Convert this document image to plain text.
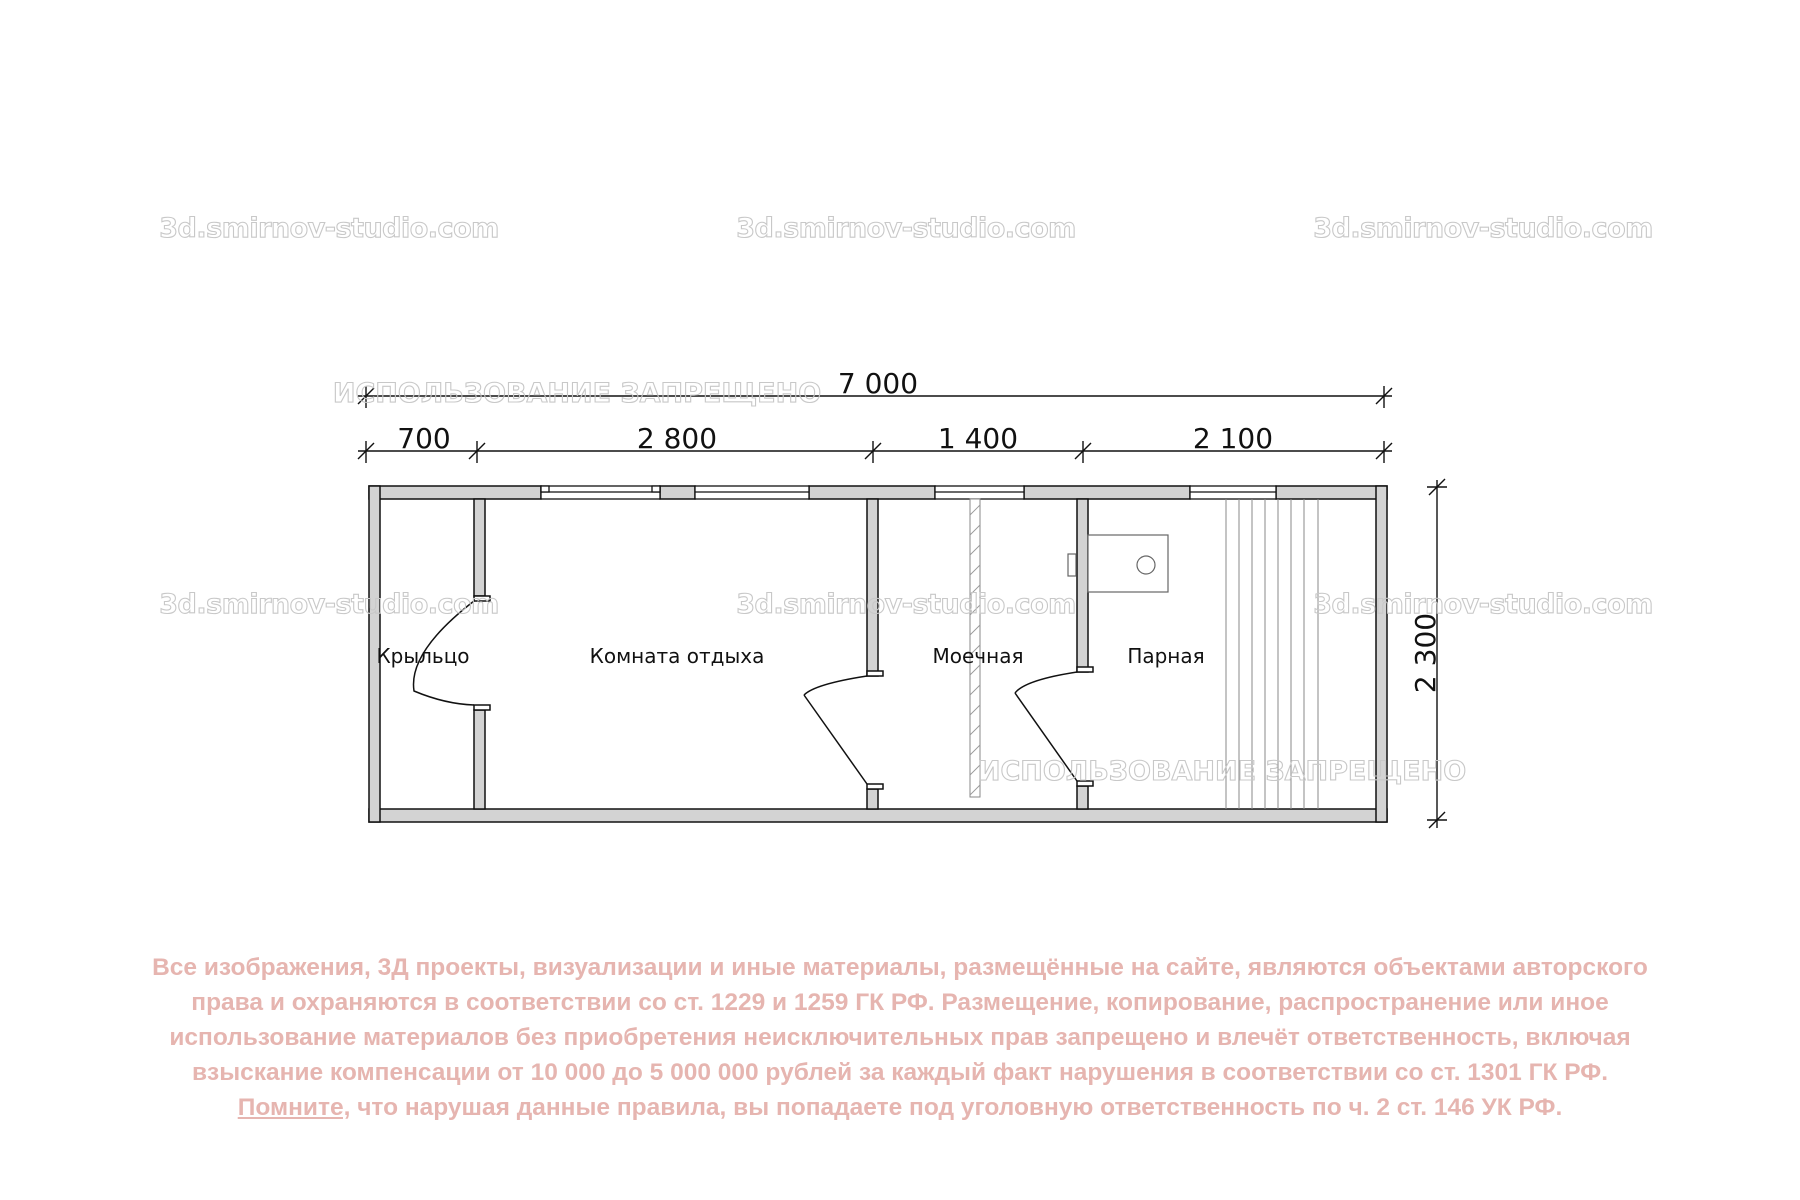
7 000
700	2 800	1 400	2 100
2 300
Крыльцо	Комната отдыха	Моечная	Парная
3d.smirnov-studio.com	3d.smirnov-studio.com	3d.smirnov-studio.com
3d.smirnov-studio.com	3d.smirnov-studio.com	3d.smirnov-studio.com
ИСПОЛЬЗОВАНИЕ ЗАПРЕЩЕНО
ИСПОЛЬЗОВАНИЕ ЗАПРЕЩЕНО
Все изображения, 3Д проекты, визуализации и иные материалы, размещённые на сайте, являются объектами авторского
права и охраняются в соответствии со ст. 1229 и 1259 ГК РФ. Размещение, копирование, распространение или иное
использование материалов без приобретения неисключительных прав запрещено и влечёт ответственность, включая
взыскание компенсации от 10 000 до 5 000 000 рублей за каждый факт нарушения в соответствии со ст. 1301 ГК РФ.
Помните, что нарушая данные правила, вы попадаете под уголовную ответственность по ч. 2 ст. 146 УК РФ.
